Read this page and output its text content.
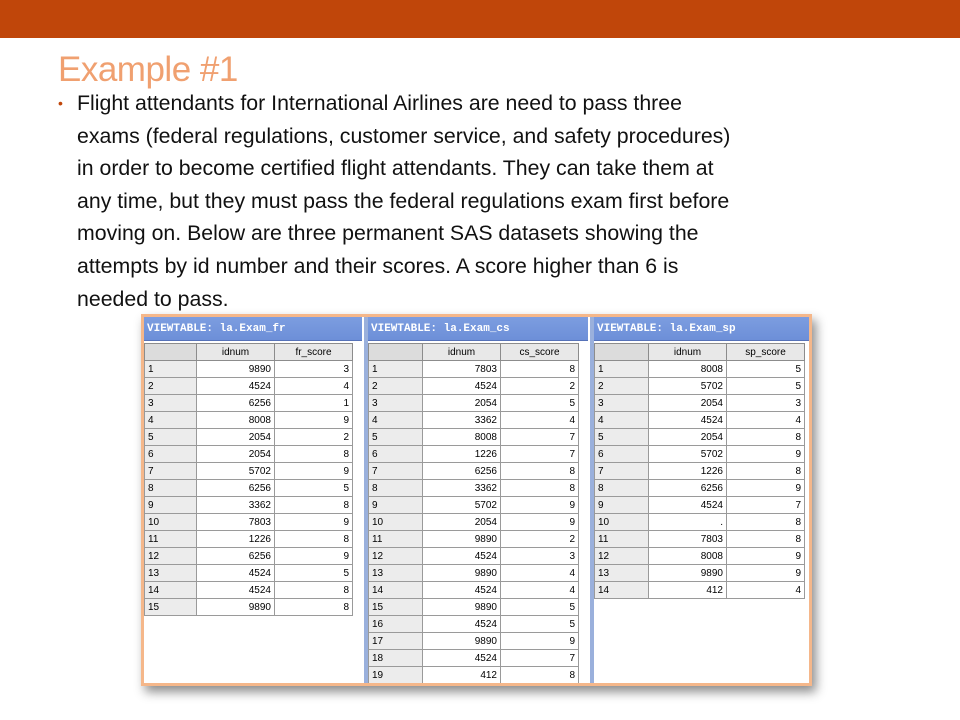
Example #1
• Flight attendants for International Airlines are need to pass three
exams (federal regulations, customer service, and safety procedures)
in order to become certified flight attendants. They can take them at
any time, but they must pass the federal regulations exam first before
moving on. Below are three permanent SAS datasets showing the
attempts by id number and their scores. A score higher than 6 is
needed to pass.
VIEWTABLE: la.Exam_fr
	idnum	fr_score
1	9890	3
2	4524	4
3	6256	1
4	8008	9
5	2054	2
6	2054	8
7	5702	9
8	6256	5
9	3362	8
10	7803	9
11	1226	8
12	6256	9
13	4524	5
14	4524	8
15	9890	8
VIEWTABLE: la.Exam_cs
	idnum	cs_score
1	7803	8
2	4524	2
3	2054	5
4	3362	4
5	8008	7
6	1226	7
7	6256	8
8	3362	8
9	5702	9
10	2054	9
11	9890	2
12	4524	3
13	9890	4
14	4524	4
15	9890	5
16	4524	5
17	9890	9
18	4524	7
19	412	8
VIEWTABLE: la.Exam_sp
	idnum	sp_score
1	8008	5
2	5702	5
3	2054	3
4	4524	4
5	2054	8
6	5702	9
7	1226	8
8	6256	9
9	4524	7
10	.	8
11	7803	8
12	8008	9
13	9890	9
14	412	4
